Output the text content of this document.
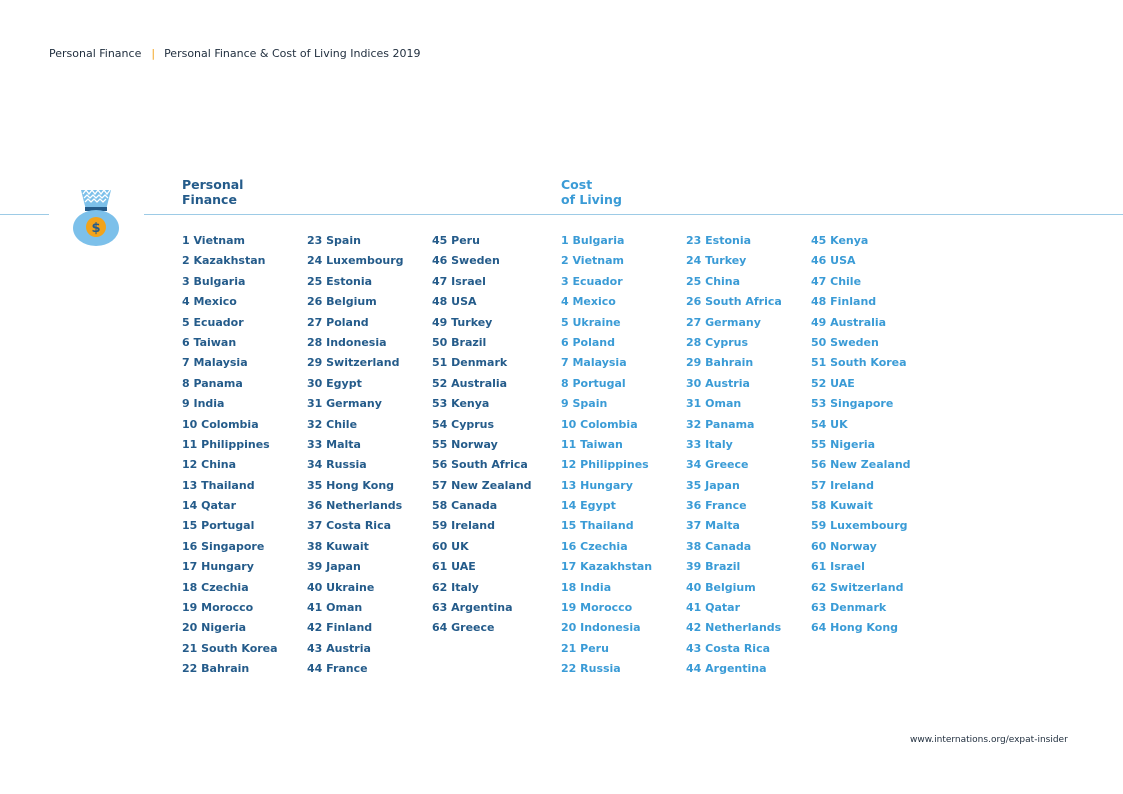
Personal Finance | Personal Finance & Cost of Living Indices 2019
$
Personal
Finance
Cost
of Living
1 Vietnam
2 Kazakhstan
3 Bulgaria
4 Mexico
5 Ecuador
6 Taiwan
7 Malaysia
8 Panama
9 India
10 Colombia
11 Philippines
12 China
13 Thailand
14 Qatar
15 Portugal
16 Singapore
17 Hungary
18 Czechia
19 Morocco
20 Nigeria
21 South Korea
22 Bahrain
23 Spain
24 Luxembourg
25 Estonia
26 Belgium
27 Poland
28 Indonesia
29 Switzerland
30 Egypt
31 Germany
32 Chile
33 Malta
34 Russia
35 Hong Kong
36 Netherlands
37 Costa Rica
38 Kuwait
39 Japan
40 Ukraine
41 Oman
42 Finland
43 Austria
44 France
45 Peru
46 Sweden
47 Israel
48 USA
49 Turkey
50 Brazil
51 Denmark
52 Australia
53 Kenya
54 Cyprus
55 Norway
56 South Africa
57 New Zealand
58 Canada
59 Ireland
60 UK
61 UAE
62 Italy
63 Argentina
64 Greece
1 Bulgaria
2 Vietnam
3 Ecuador
4 Mexico
5 Ukraine
6 Poland
7 Malaysia
8 Portugal
9 Spain
10 Colombia
11 Taiwan
12 Philippines
13 Hungary
14 Egypt
15 Thailand
16 Czechia
17 Kazakhstan
18 India
19 Morocco
20 Indonesia
21 Peru
22 Russia
23 Estonia
24 Turkey
25 China
26 South Africa
27 Germany
28 Cyprus
29 Bahrain
30 Austria
31 Oman
32 Panama
33 Italy
34 Greece
35 Japan
36 France
37 Malta
38 Canada
39 Brazil
40 Belgium
41 Qatar
42 Netherlands
43 Costa Rica
44 Argentina
45 Kenya
46 USA
47 Chile
48 Finland
49 Australia
50 Sweden
51 South Korea
52 UAE
53 Singapore
54 UK
55 Nigeria
56 New Zealand
57 Ireland
58 Kuwait
59 Luxembourg
60 Norway
61 Israel
62 Switzerland
63 Denmark
64 Hong Kong
www.internations.org/expat-insider
